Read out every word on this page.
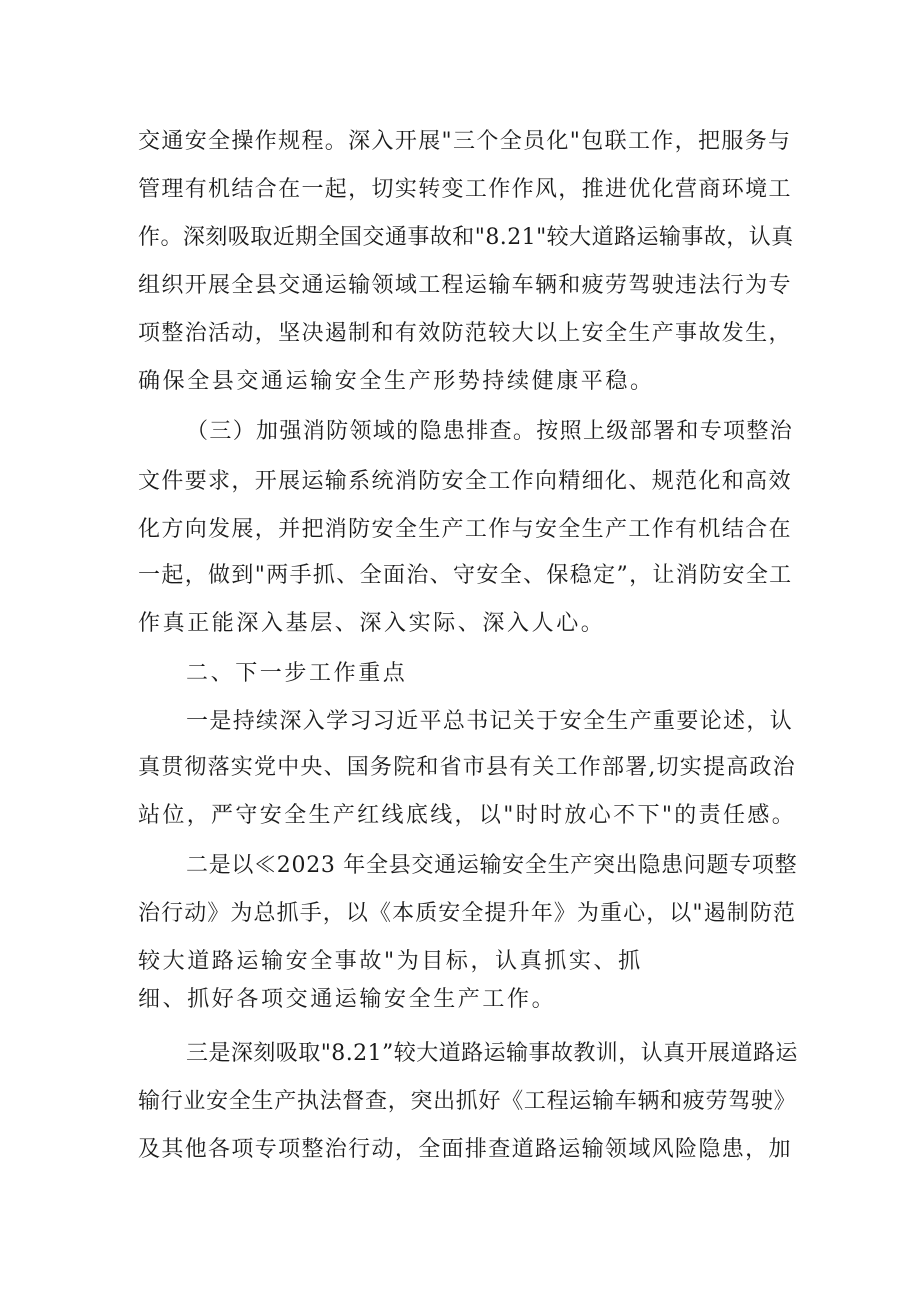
交通安全操作规程。深入开展"三个全员化"包联工作，把服务与
管理有机结合在一起，切实转变工作作风，推进优化营商环境工
作。深刻吸取近期全国交通事故和"8.21"较大道路运输事故，认真
组织开展全县交通运输领域工程运输车辆和疲劳驾驶违法行为专
项整治活动，坚决遏制和有效防范较大以上安全生产事故发生，
确保全县交通运输安全生产形势持续健康平稳。
（三）加强消防领域的隐患排查。按照上级部署和专项整治
文件要求，开展运输系统消防安全工作向精细化、规范化和高效
化方向发展，并把消防安全生产工作与安全生产工作有机结合在
一起，做到"两手抓、全面治、守安全、保稳定”，让消防安全工
作真正能深入基层、深入实际、深入人心。
二、下一步工作重点
一是持续深入学习习近平总书记关于安全生产重要论述，认
真贯彻落实党中央、国务院和省市县有关工作部署,切实提高政治
站位，严守安全生产红线底线，以"时时放心不下"的责任感。
二是以≪2023 年全县交通运输安全生产突出隐患问题专项整
治行动》为总抓手，以《本质安全提升年》为重心，以"遏制防范
较大道路运输安全事故"为目标，认真抓实、抓
细、抓好各项交通运输安全生产工作。
三是深刻吸取"8.21”较大道路运输事故教训，认真开展道路运
输行业安全生产执法督查，突出抓好《工程运输车辆和疲劳驾驶》
及其他各项专项整治行动，全面排查道路运输领域风险隐患，加
